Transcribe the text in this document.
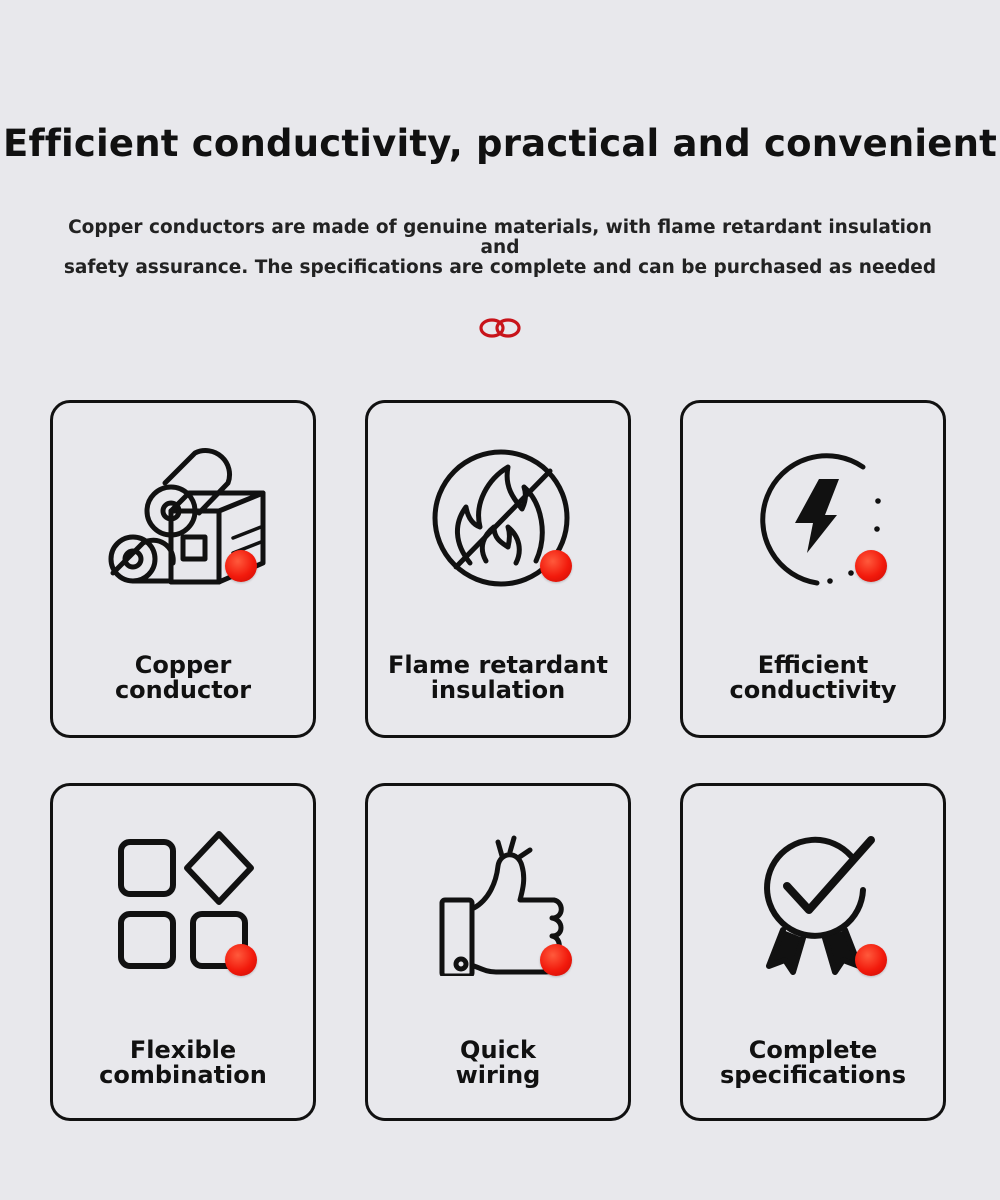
Efficient conductivity, practical and convenient
Copper conductors are made of genuine materials, with flame retardant insulation and
safety assurance. The specifications are complete and can be purchased as needed
Copper
conductor
Flame retardant
insulation
Efficient
conductivity
Flexible
combination
Quick
wiring
Complete
specifications
